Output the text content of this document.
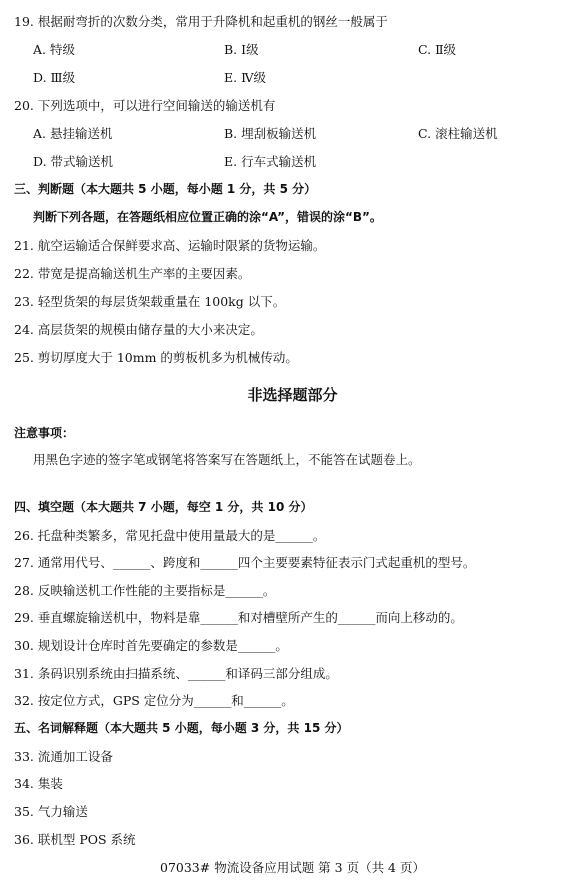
19. 根据耐弯折的次数分类，常用于升降机和起重机的钢丝一般属于
A. 特级	B. Ⅰ级	C. Ⅱ级
D. Ⅲ级	E. Ⅳ级
20. 下列选项中，可以进行空间输送的输送机有
A. 悬挂输送机	B. 埋刮板输送机	C. 滚柱输送机
D. 带式输送机	E. 行车式输送机
三、判断题（本大题共 5 小题，每小题 1 分，共 5 分）
判断下列各题，在答题纸相应位置正确的涂“A”，错误的涂“B”。
21. 航空运输适合保鲜要求高、运输时限紧的货物运输。
22. 带宽是提高输送机生产率的主要因素。
23. 轻型货架的每层货架载重量在 100kg 以下。
24. 高层货架的规模由储存量的大小来决定。
25. 剪切厚度大于 10mm 的剪板机多为机械传动。
非选择题部分
注意事项：
用黑色字迹的签字笔或钢笔将答案写在答题纸上，不能答在试题卷上。
四、填空题（本大题共 7 小题，每空 1 分，共 10 分）
26. 托盘种类繁多，常见托盘中使用量最大的是______。
27. 通常用代号、______、跨度和______四个主要要素特征表示门式起重机的型号。
28. 反映输送机工作性能的主要指标是______。
29. 垂直螺旋输送机中，物料是靠______和对槽壁所产生的______而向上移动的。
30. 规划设计仓库时首先要确定的参数是______。
31. 条码识别系统由扫描系统、______和译码三部分组成。
32. 按定位方式，GPS 定位分为______和______。
五、名词解释题（本大题共 5 小题，每小题 3 分，共 15 分）
33. 流通加工设备
34. 集装
35. 气力输送
36. 联机型 POS 系统
07033# 物流设备应用试题 第 3 页（共 4 页）
